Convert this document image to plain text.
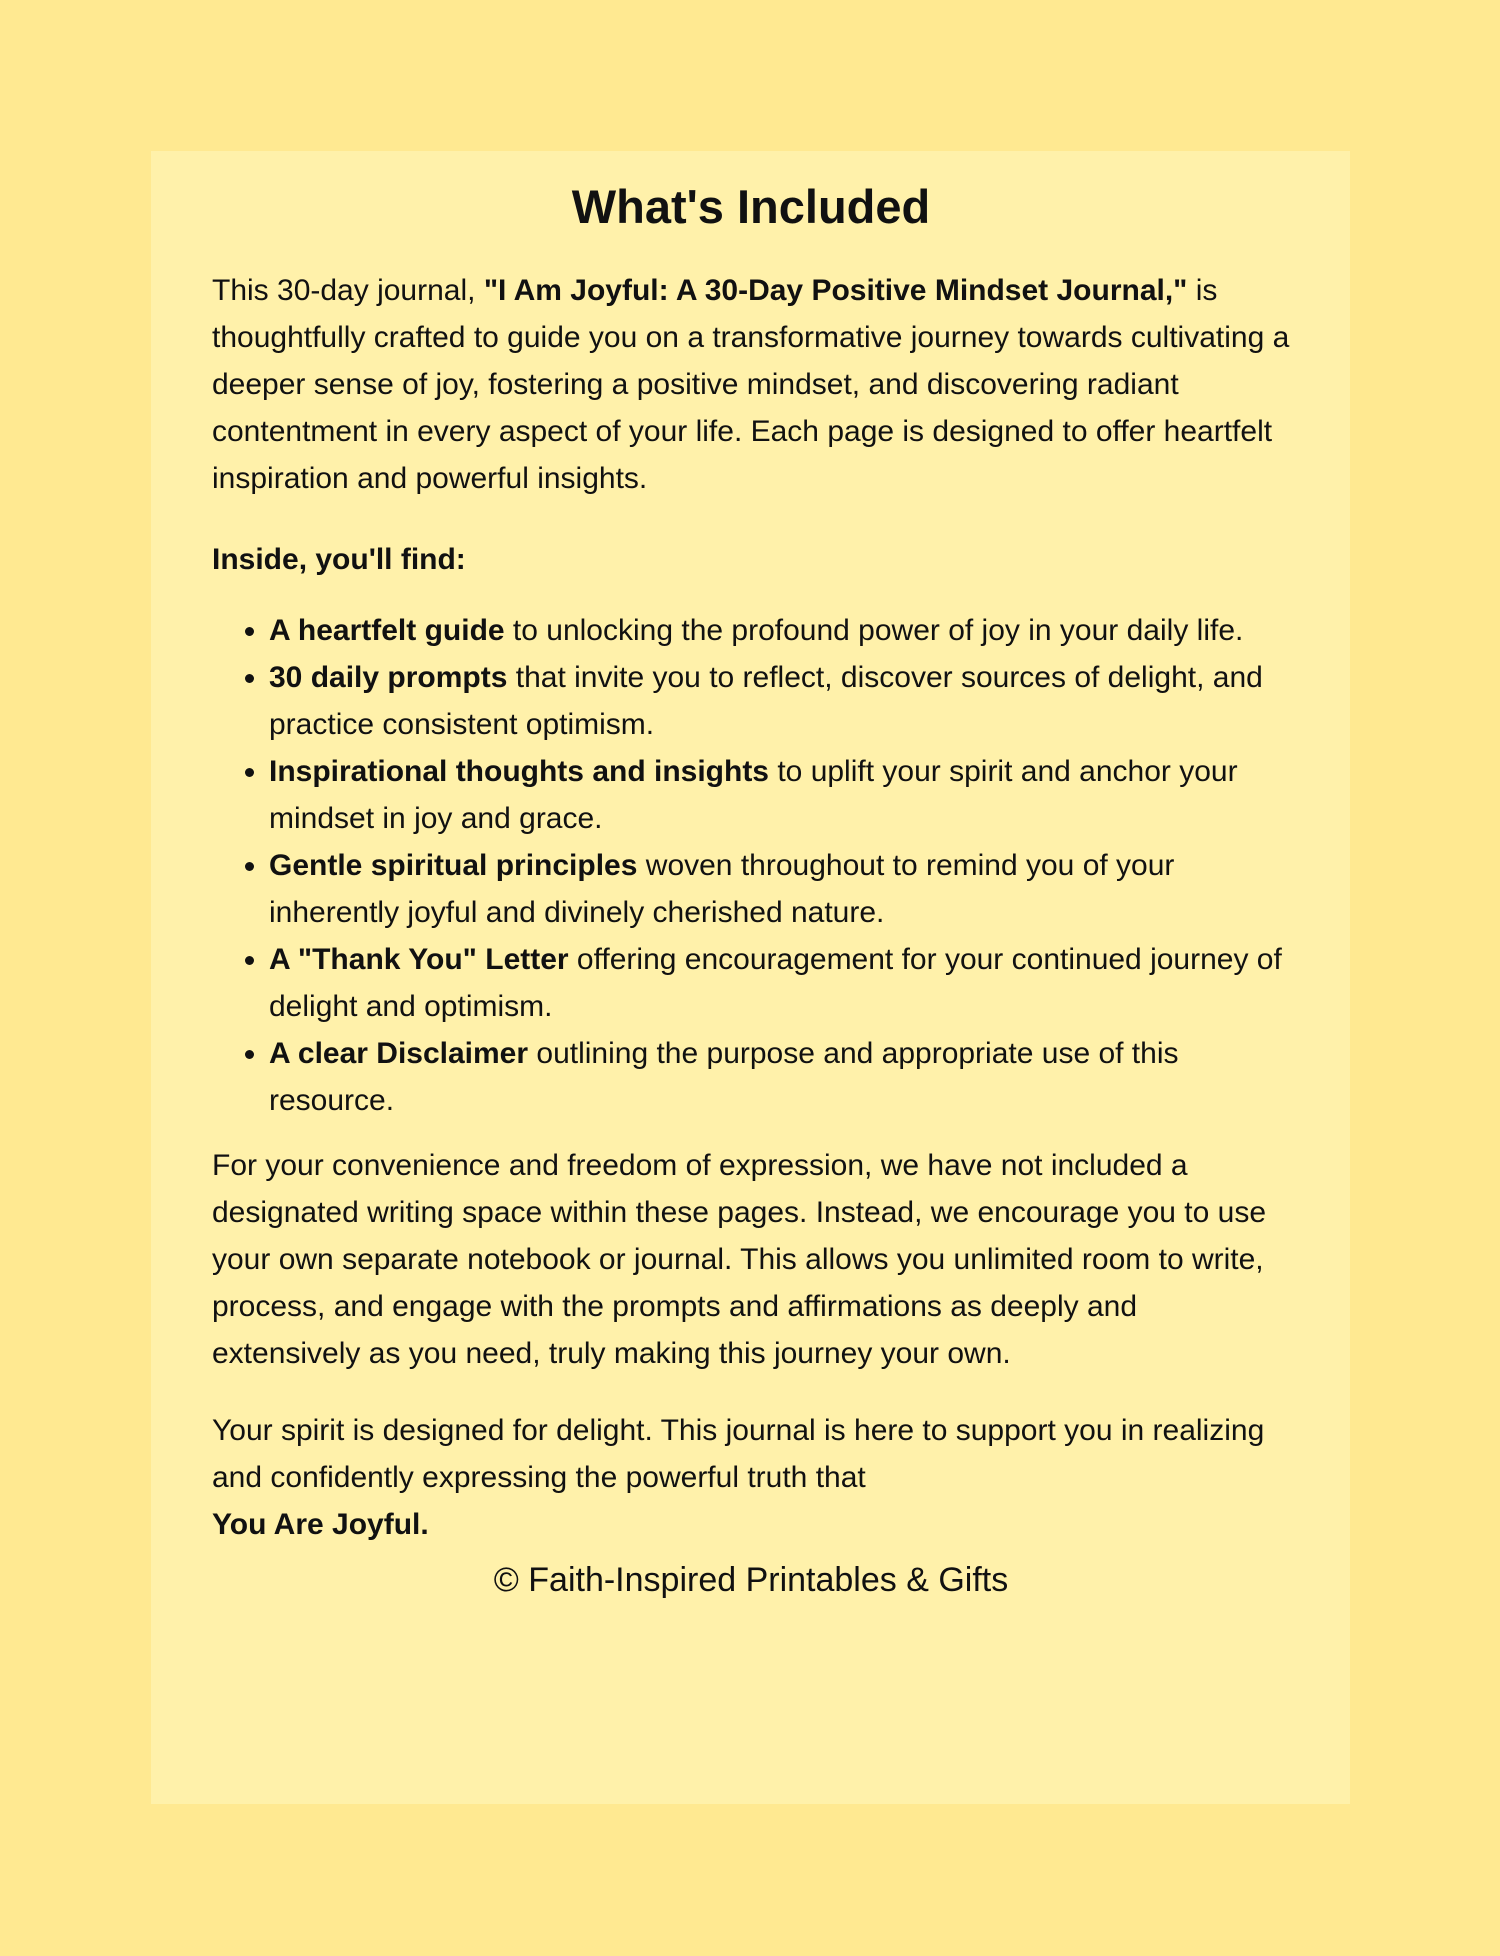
What's Included

This 30-day journal, "I Am Joyful: A 30-Day Positive Mindset Journal," is thoughtfully crafted to guide you on a transformative journey towards cultivating a deeper sense of joy, fostering a positive mindset, and discovering radiant contentment in every aspect of your life. Each page is designed to offer heartfelt inspiration and powerful insights.

Inside, you'll find:

• A heartfelt guide to unlocking the profound power of joy in your daily life.
• 30 daily prompts that invite you to reflect, discover sources of delight, and practice consistent optimism.
• Inspirational thoughts and insights to uplift your spirit and anchor your mindset in joy and grace.
• Gentle spiritual principles woven throughout to remind you of your inherently joyful and divinely cherished nature.
• A "Thank You" Letter offering encouragement for your continued journey of delight and optimism.
• A clear Disclaimer outlining the purpose and appropriate use of this resource.

For your convenience and freedom of expression, we have not included a designated writing space within these pages. Instead, we encourage you to use your own separate notebook or journal. This allows you unlimited room to write, process, and engage with the prompts and affirmations as deeply and extensively as you need, truly making this journey your own.

Your spirit is designed for delight. This journal is here to support you in realizing and confidently expressing the powerful truth that
You Are Joyful.

© Faith-Inspired Printables & Gifts
